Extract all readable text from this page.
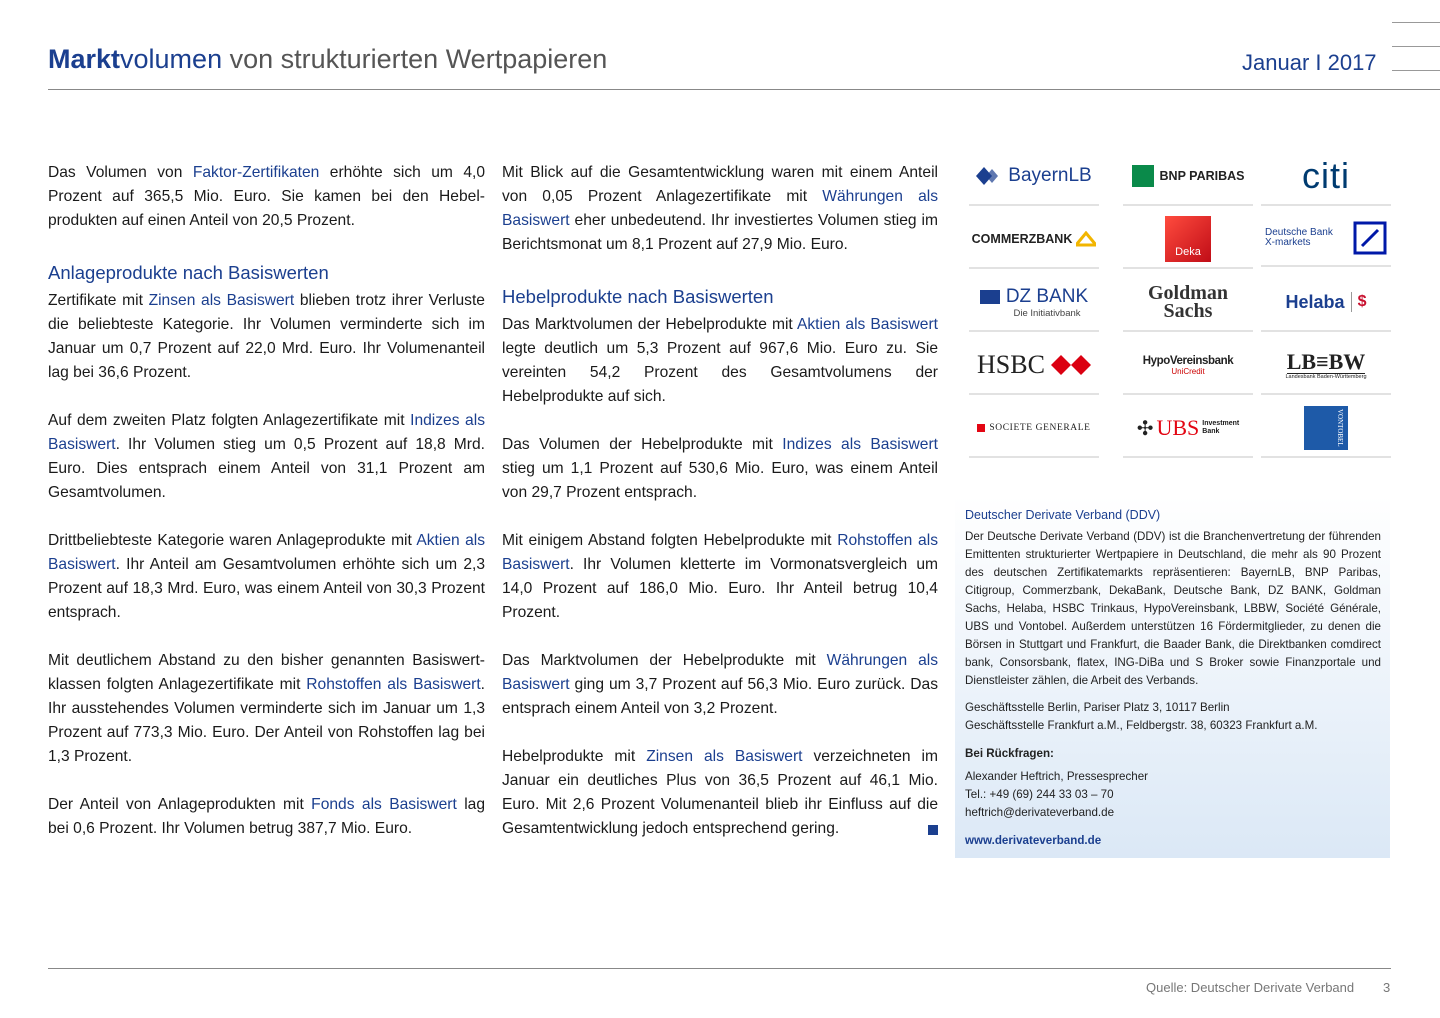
Marktvolumen von strukturierten Wertpapieren	Januar I 2017

Das Volumen von Faktor-Zertifikaten erhöhte sich um 4,0 Prozent auf 365,5 Mio. Euro. Sie kamen bei den Hebelprodukten auf einen Anteil von 20,5 Prozent.

Anlageprodukte nach Basiswerten

Zertifikate mit Zinsen als Basiswert blieben trotz ihrer Verluste die beliebteste Kategorie. Ihr Volumen verminderte sich im Januar um 0,7 Prozent auf 22,0 Mrd. Euro. Ihr Volumenanteil lag bei 36,6 Prozent.

Auf dem zweiten Platz folgten Anlagezertifikate mit Indizes als Basiswert. Ihr Volumen stieg um 0,5 Prozent auf 18,8 Mrd. Euro. Dies entsprach einem Anteil von 31,1 Prozent am Gesamtvolumen.

Drittbeliebteste Kategorie waren Anlageprodukte mit Aktien als Basiswert. Ihr Anteil am Gesamtvolumen erhöhte sich um 2,3 Prozent auf 18,3 Mrd. Euro, was einem Anteil von 30,3 Prozent entsprach.

Mit deutlichem Abstand zu den bisher genannten Basiswertklassen folgten Anlagezertifikate mit Rohstoffen als Basiswert. Ihr ausstehendes Volumen verminderte sich im Januar um 1,3 Prozent auf 773,3 Mio. Euro. Der Anteil von Rohstoffen lag bei 1,3 Prozent.

Der Anteil von Anlageprodukten mit Fonds als Basiswert lag bei 0,6 Prozent. Ihr Volumen betrug 387,7 Mio. Euro.

Mit Blick auf die Gesamtentwicklung waren mit einem Anteil von 0,05 Prozent Anlagezertifikate mit Währungen als Basiswert eher unbedeutend. Ihr investiertes Volumen stieg im Berichtsmonat um 8,1 Prozent auf 27,9 Mio. Euro.

Hebelprodukte nach Basiswerten

Das Marktvolumen der Hebelprodukte mit Aktien als Basiswert legte deutlich um 5,3 Prozent auf 967,6 Mio. Euro zu. Sie vereinten 54,2 Prozent des Gesamtvolumens der Hebelprodukte auf sich.

Das Volumen der Hebelprodukte mit Indizes als Basiswert stieg um 1,1 Prozent auf 530,6 Mio. Euro, was einem Anteil von 29,7 Prozent entsprach.

Mit einigem Abstand folgten Hebelprodukte mit Rohstoffen als Basiswert. Ihr Volumen kletterte im Vormonatsvergleich um 14,0 Prozent auf 186,0 Mio. Euro. Ihr Anteil betrug 10,4 Prozent.

Das Marktvolumen der Hebelprodukte mit Währungen als Basiswert ging um 3,7 Prozent auf 56,3 Mio. Euro zurück. Das entsprach einem Anteil von 3,2 Prozent.

Hebelprodukte mit Zinsen als Basiswert verzeichneten im Januar ein deutliches Plus von 36,5 Prozent auf 46,1 Mio. Euro. Mit 2,6 Prozent Volumenanteil blieb ihr Einfluss auf die Gesamtentwicklung jedoch entsprechend gering.

BayernLB	BNP PARIBAS citi
COMMERZBANK
Deka
Deutsche Bank
X-markets
DZ BANK
Die Initiativbank
Goldman
Sachs	Helaba $
HSBC	HypoVereinsbank
UniCredit	LB≡BW
Landesbank Baden-Württemberg
SOCIETE GENERALE ✣ UBS Investment
Bank	VONTOBEL
Deutscher Derivate Verband (DDV)
Der Deutsche Derivate Verband (DDV) ist die Branchenvertretung der führenden Emittenten strukturierter Wertpapiere in Deutschland, die mehr als 90 Prozent des deutschen Zertifikatemarkts repräsentieren: BayernLB, BNP Paribas, Citigroup, Commerzbank, DekaBank, Deutsche Bank, DZ BANK, Goldman Sachs, Helaba, HSBC Trinkaus, HypoVereinsbank, LBBW, Société Générale, UBS und Vontobel. Außerdem unterstützen 16 Fördermitglieder, zu denen die Börsen in Stuttgart und Frankfurt, die Baader Bank, die Direktbanken comdirect bank, Consorsbank, flatex, ING-DiBa und S Broker sowie Finanzportale und Dienstleister zählen, die Arbeit des Verbands.
Geschäftsstelle Berlin, Pariser Platz 3, 10117 Berlin
Geschäftsstelle Frankfurt a.M., Feldbergstr. 38, 60323 Frankfurt a.M.
Bei Rückfragen:
Alexander Heftrich, Pressesprecher
Tel.: +49 (69) 244 33 03 – 70
heftrich@derivateverband.de
www.derivateverband.de
Quelle: Deutscher Derivate Verband 3
